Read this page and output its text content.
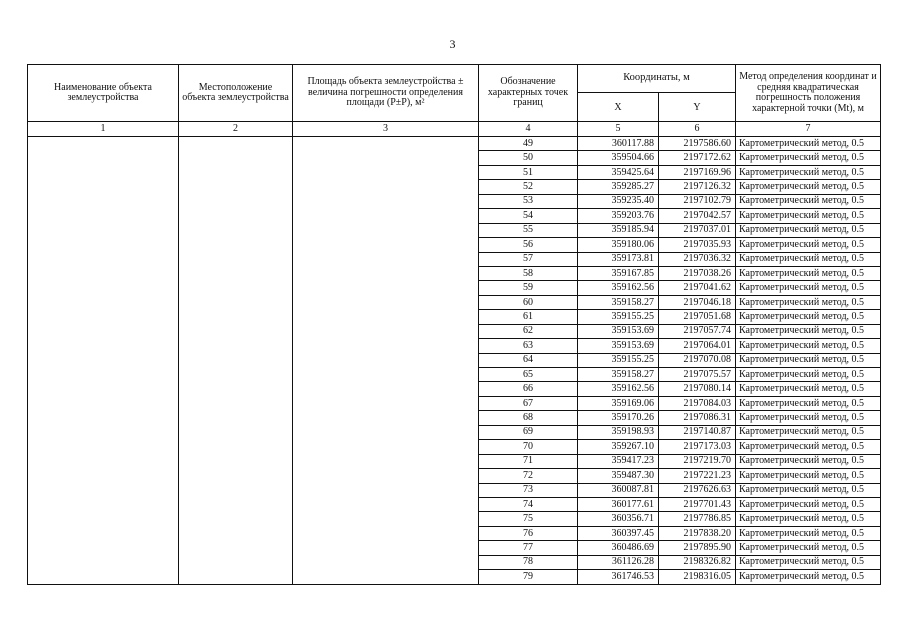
3
Наименование объекта землеустройства	Местоположение объекта землеустройства	Площадь объекта землеустройства ± величина погрешности определения площади (P±P), м²	Обозначение характерных точек границ	Координаты, м		Метод определения координат и средняя квадратическая погрешность положения характерной точки (Mt), м
				X	Y	
1	2	3	4	5	6	7
			49	360117.88	2197586.60	Картометрический метод, 0.5
			50	359504.66	2197172.62	Картометрический метод, 0.5
			51	359425.64	2197169.96	Картометрический метод, 0.5
			52	359285.27	2197126.32	Картометрический метод, 0.5
			53	359235.40	2197102.79	Картометрический метод, 0.5
			54	359203.76	2197042.57	Картометрический метод, 0.5
			55	359185.94	2197037.01	Картометрический метод, 0.5
			56	359180.06	2197035.93	Картометрический метод, 0.5
			57	359173.81	2197036.32	Картометрический метод, 0.5
			58	359167.85	2197038.26	Картометрический метод, 0.5
			59	359162.56	2197041.62	Картометрический метод, 0.5
			60	359158.27	2197046.18	Картометрический метод, 0.5
			61	359155.25	2197051.68	Картометрический метод, 0.5
			62	359153.69	2197057.74	Картометрический метод, 0.5
			63	359153.69	2197064.01	Картометрический метод, 0.5
			64	359155.25	2197070.08	Картометрический метод, 0.5
			65	359158.27	2197075.57	Картометрический метод, 0.5
			66	359162.56	2197080.14	Картометрический метод, 0.5
			67	359169.06	2197084.03	Картометрический метод, 0.5
			68	359170.26	2197086.31	Картометрический метод, 0.5
			69	359198.93	2197140.87	Картометрический метод, 0.5
			70	359267.10	2197173.03	Картометрический метод, 0.5
			71	359417.23	2197219.70	Картометрический метод, 0.5
			72	359487.30	2197221.23	Картометрический метод, 0.5
			73	360087.81	2197626.63	Картометрический метод, 0.5
			74	360177.61	2197701.43	Картометрический метод, 0.5
			75	360356.71	2197786.85	Картометрический метод, 0.5
			76	360397.45	2197838.20	Картометрический метод, 0.5
			77	360486.69	2197895.90	Картометрический метод, 0.5
			78	361126.28	2198326.82	Картометрический метод, 0.5
			79	361746.53	2198316.05	Картометрический метод, 0.5
